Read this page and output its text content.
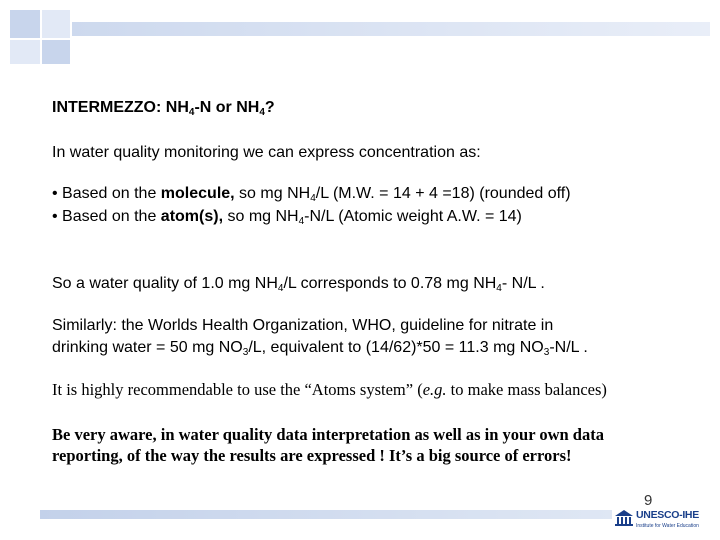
INTERMEZZO: $NH_4-N$ or $NH_4$?
In water quality monitoring we can express concentration as:
• Based on the molecule, so mg $NH_4/L$ (M.W. = 14 + 4 =18) (rounded off)
• Based on the atom(s), so mg $NH_4-N/L$ (Atomic weight A.W. = 14)
So a water quality of 1.0 mg $NH_4/L$ corresponds to 0.78 mg $NH_4-$ N/L .
Similarly: the Worlds Health Organization, WHO, guideline for nitrate in
drinking water = 50 mg $NO_3/L$, equivalent to (14/62)*50 = 11.3 mg $NO_3-N/L$ .
It is highly recommendable to use the “Atoms system” (e.g. to make mass balances)
Be very aware, in water quality data interpretation as well as in your own data
reporting, of the way the results are expressed ! It’s a big source of errors!
9
UNESCO-IHE
Institute for Water Education
